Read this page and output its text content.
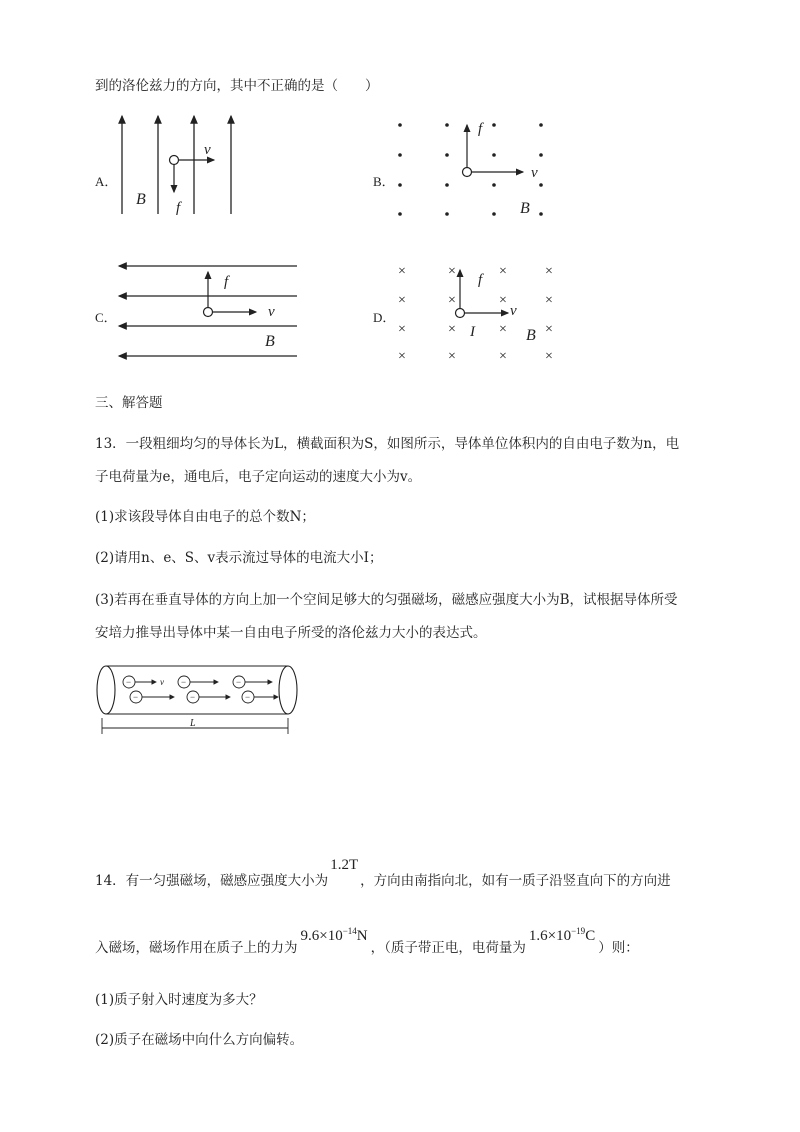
到的洛伦兹力的方向，其中不正确的是（　　）
A．
v
B f
B．
f
v
B
C．
f
v
B
D．
×	×	×	×
×	×	×	×
×	×	×	×
×	×	×	×
f
v
I	B
三、解答题
13．一段粗细均匀的导体长为L，横截面积为S，如图所示，导体单位体积内的自由电子数为n，电
子电荷量为e，通电后，电子定向运动的速度大小为v。
(1)求该段导体自由电子的总个数N；
(2)请用n、e、S、v表示流过导体的电流大小I；
(3)若再在垂直导体的方向上加一个空间足够大的匀强磁场，磁感应强度大小为B，试根据导体所受
安培力推导出导体中某一自由电子所受的洛伦兹力大小的表达式。
−	−	−
−	−	−
v
L
14．有一匀强磁场，磁感应强度大小为1.2T，方向由南指向北，如有一质子沿竖直向下的方向进
入磁场，磁场作用在质子上的力为$9.6\times 10^{-14}N$，（质子带正电，电荷量为$1.6\times 10^{-19}C$）则：
(1)质子射入时速度为多大？
(2)质子在磁场中向什么方向偏转。
